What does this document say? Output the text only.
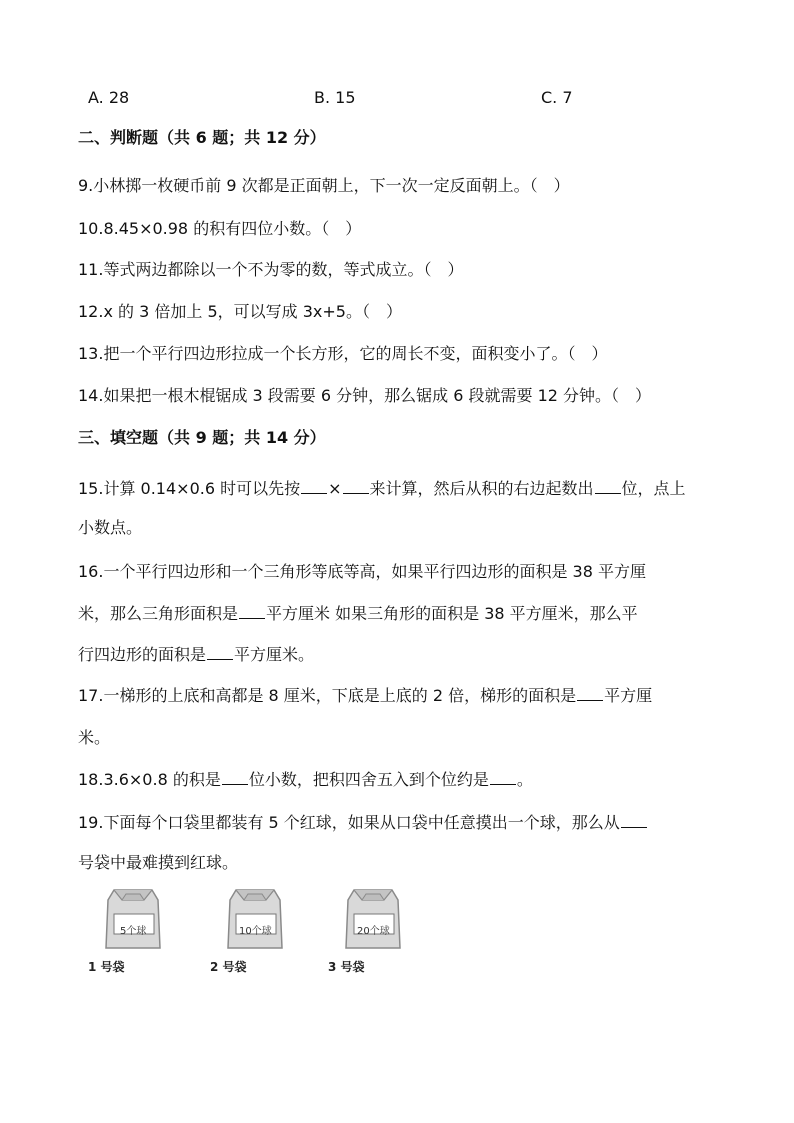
A. 28	B. 15	C. 7
二、判断题（共 6 题；共 12 分）
9.小林掷一枚硬币前 9 次都是正面朝上，下一次一定反面朝上。（　）
10.8.45×0.98 的积有四位小数。（　）
11.等式两边都除以一个不为零的数，等式成立。（　）
12.x 的 3 倍加上 5，可以写成 3x+5。（　）
13.把一个平行四边形拉成一个长方形，它的周长不变，面积变小了。（　）
14.如果把一根木棍锯成 3 段需要 6 分钟，那么锯成 6 段就需要 12 分钟。（　）
三、填空题（共 9 题；共 14 分）
15.计算 0.14×0.6 时可以先按 × 来计算，然后从积的右边起数出 位，点上
小数点。
16.一个平行四边形和一个三角形等底等高，如果平行四边形的面积是 38 平方厘
米，那么三角形面积是 平方厘米 如果三角形的面积是 38 平方厘米，那么平
行四边形的面积是 平方厘米。
17.一梯形的上底和高都是 8 厘米，下底是上底的 2 倍，梯形的面积是 平方厘
米。
18.3.6×0.8 的积是 位小数，把积四舍五入到个位约是 。
19.下面每个口袋里都装有 5 个红球，如果从口袋中任意摸出一个球，那么从
号袋中最难摸到红球。
5个球
1 号袋
10个球
2 号袋
20个球
3 号袋
